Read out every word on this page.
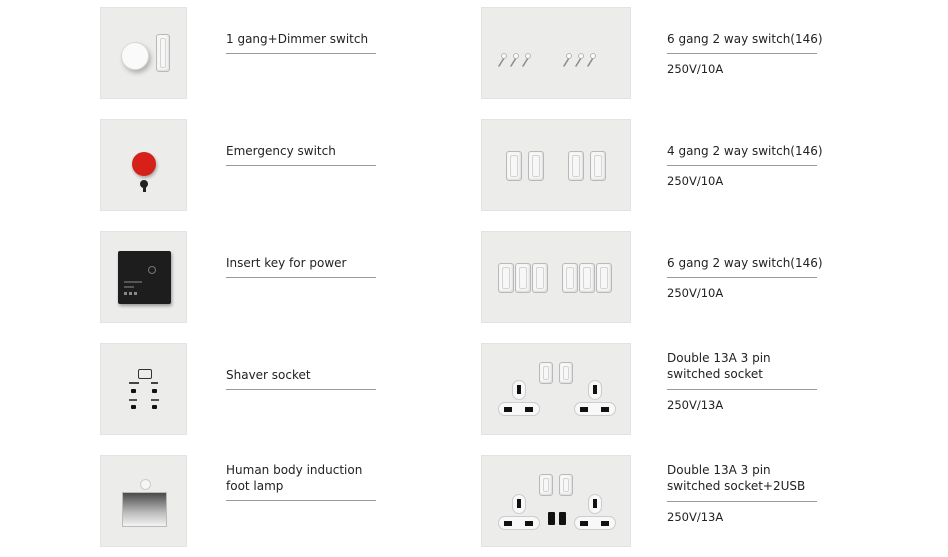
1 gang+Dimmer switch
Emergency switch
Insert key for power
Shaver socket
Human body induction foot lamp
6 gang 2 way switch(146)
250V/10A
4 gang 2 way switch(146)
250V/10A
6 gang 2 way switch(146)
250V/10A
Double 13A 3 pin switched socket
250V/13A
Double 13A 3 pin switched socket+2USB
250V/13A
